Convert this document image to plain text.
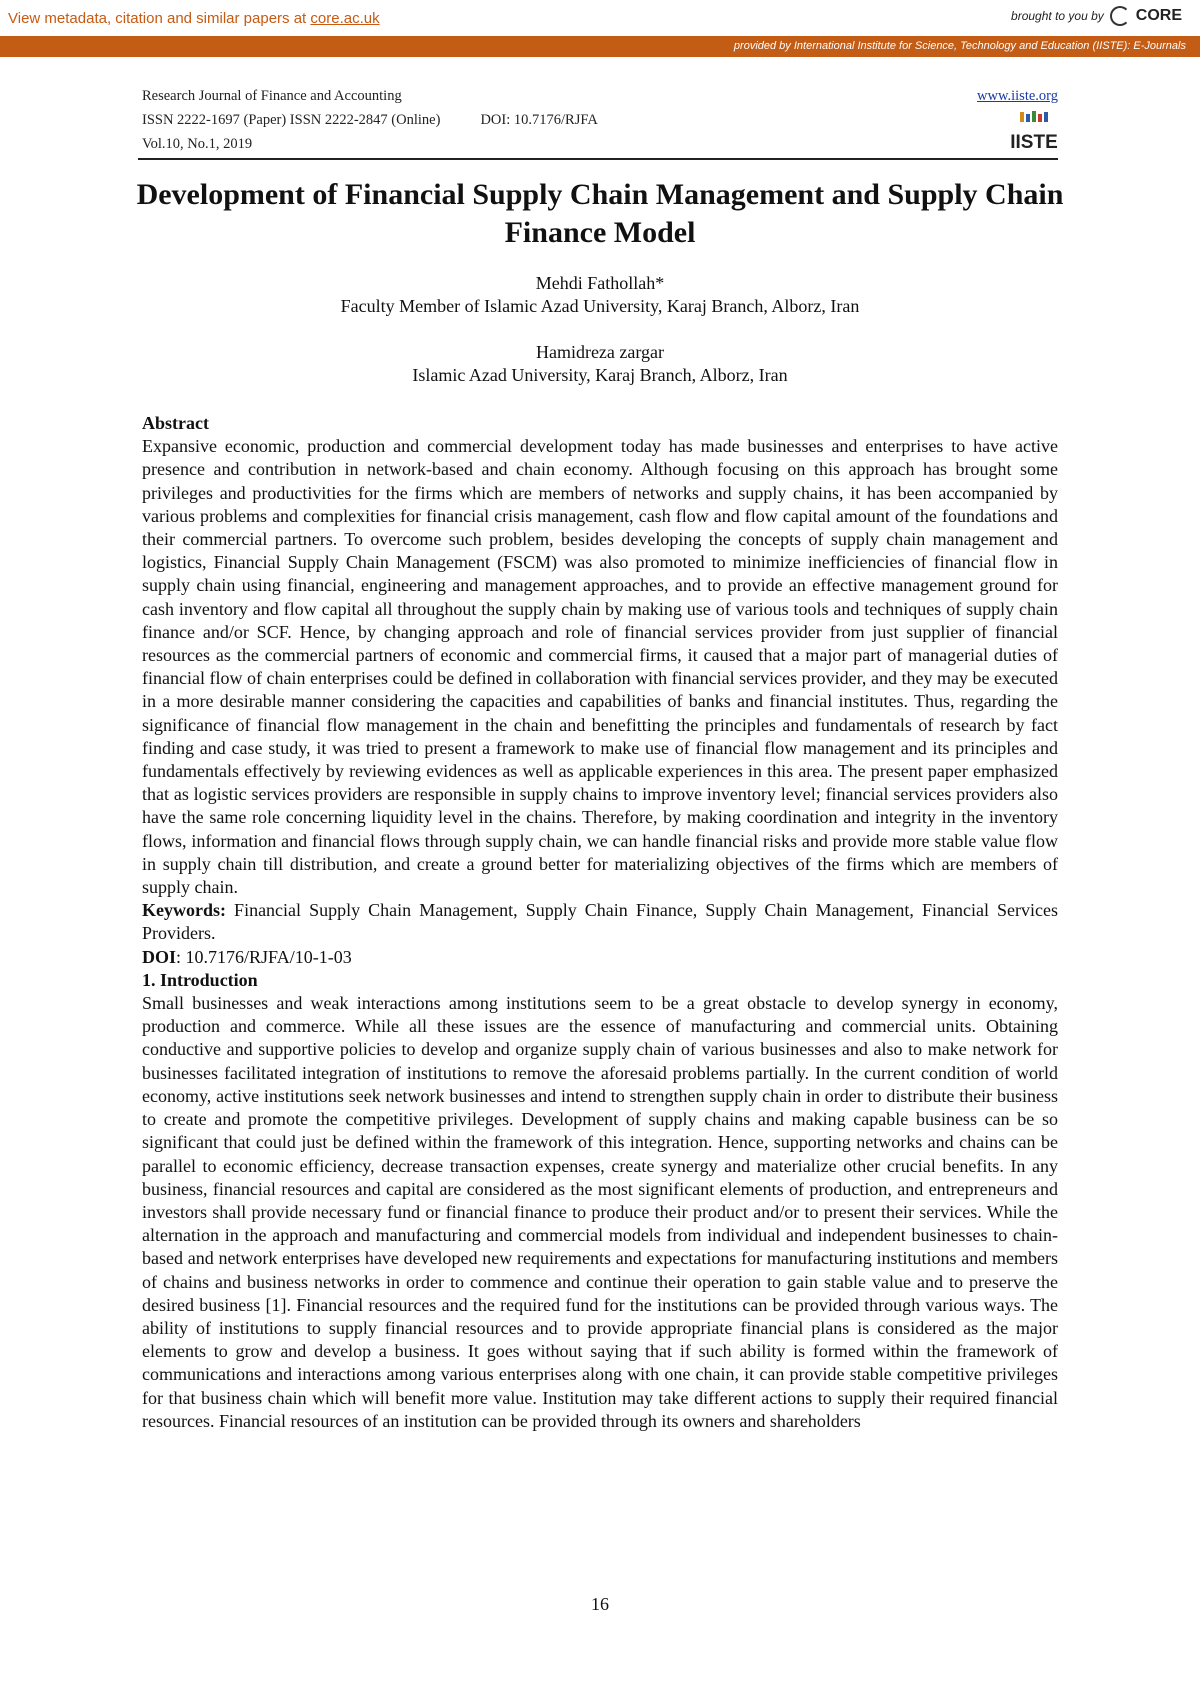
View metadata, citation and similar papers at core.ac.uk	brought to you by CORE
provided by International Institute for Science, Technology and Education (IISTE): E-Journals
Research Journal of Finance and Accounting
ISSN 2222-1697 (Paper) ISSN 2222-2847 (Online)	DOI: 10.7176/RJFA
Vol.10, No.1, 2019
www.iiste.org
IISTE
Development of Financial Supply Chain Management and Supply Chain Finance Model
Mehdi Fathollah*
Faculty Member of Islamic Azad University, Karaj Branch, Alborz, Iran
Hamidreza zargar
Islamic Azad University, Karaj Branch, Alborz, Iran
Abstract

Expansive economic, production and commercial development today has made businesses and enterprises to have active presence and contribution in network-based and chain economy. Although focusing on this approach has brought some privileges and productivities for the firms which are members of networks and supply chains, it has been accompanied by various problems and complexities for financial crisis management, cash flow and flow capital amount of the foundations and their commercial partners. To overcome such problem, besides developing the concepts of supply chain management and logistics, Financial Supply Chain Management (FSCM) was also promoted to minimize inefficiencies of financial flow in supply chain using financial, engineering and management approaches, and to provide an effective management ground for cash inventory and flow capital all throughout the supply chain by making use of various tools and techniques of supply chain finance and/or SCF. Hence, by changing approach and role of financial services provider from just supplier of financial resources as the commercial partners of economic and commercial firms, it caused that a major part of managerial duties of financial flow of chain enterprises could be defined in collaboration with financial services provider, and they may be executed in a more desirable manner considering the capacities and capabilities of banks and financial institutes. Thus, regarding the significance of financial flow management in the chain and benefitting the principles and fundamentals of research by fact finding and case study, it was tried to present a framework to make use of financial flow management and its principles and fundamentals effectively by reviewing evidences as well as applicable experiences in this area. The present paper emphasized that as logistic services providers are responsible in supply chains to improve inventory level; financial services providers also have the same role concerning liquidity level in the chains. Therefore, by making coordination and integrity in the inventory flows, information and financial flows through supply chain, we can handle financial risks and provide more stable value flow in supply chain till distribution, and create a ground better for materializing objectives of the firms which are members of supply chain.

Keywords: Financial Supply Chain Management, Supply Chain Finance, Supply Chain Management, Financial Services Providers.

DOI: 10.7176/RJFA/10-1-03

1. Introduction

Small businesses and weak interactions among institutions seem to be a great obstacle to develop synergy in economy, production and commerce. While all these issues are the essence of manufacturing and commercial units. Obtaining conductive and supportive policies to develop and organize supply chain of various businesses and also to make network for businesses facilitated integration of institutions to remove the aforesaid problems partially. In the current condition of world economy, active institutions seek network businesses and intend to strengthen supply chain in order to distribute their business to create and promote the competitive privileges. Development of supply chains and making capable business can be so significant that could just be defined within the framework of this integration. Hence, supporting networks and chains can be parallel to economic efficiency, decrease transaction expenses, create synergy and materialize other crucial benefits. In any business, financial resources and capital are considered as the most significant elements of production, and entrepreneurs and investors shall provide necessary fund or financial finance to produce their product and/or to present their services. While the alternation in the approach and manufacturing and commercial models from individual and independent businesses to chain-based and network enterprises have developed new requirements and expectations for manufacturing institutions and members of chains and business networks in order to commence and continue their operation to gain stable value and to preserve the desired business [1]. Financial resources and the required fund for the institutions can be provided through various ways. The ability of institutions to supply financial resources and to provide appropriate financial plans is considered as the major elements to grow and develop a business. It goes without saying that if such ability is formed within the framework of communications and interactions among various enterprises along with one chain, it can provide stable competitive privileges for that business chain which will benefit more value. Institution may take different actions to supply their required financial resources. Financial resources of an institution can be provided through its owners and shareholders

16
